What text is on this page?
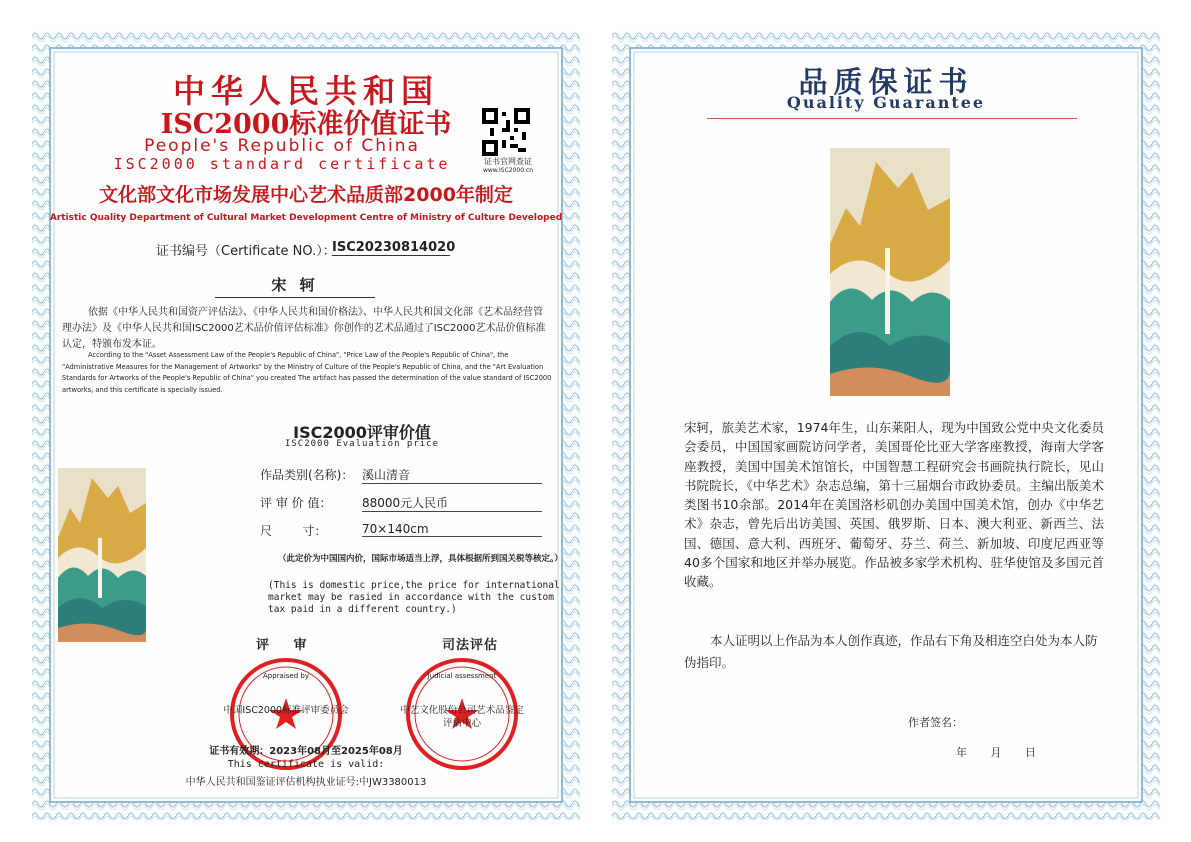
中华人民共和国
ISC2000标准价值证书
People's Republic of China
ISC2000 standard certificate	证书官网查证
www.ISC2000.cn
文化部文化市场发展中心艺术品质部2000年制定
Artistic Quality Department of Cultural Market Development Centre of Ministry of Culture Developed
证书编号（Certificate NO.）：
ISC20230814020
宋 轲
依据《中华人民共和国资产评估法》、《中华人民共和国价格法》、中华人民共和国文化部《艺术品经营管理办法》及《中华人民共和国ISC2000艺术品价值评估标准》你创作的艺术品通过了ISC2000艺术品价值标准认定，特颁布发本证。
According to the "Asset Assessment Law of the People's Republic of China", "Price Law of the People's Republic of China", the "Administrative Measures for the Management of Artworks" by the Ministry of Culture of the People's Republic of China, and the "Art Evaluation Standards for Artworks of the People's Republic of China" you created The artifact has passed the determination of the value standard of ISC2000 artworks, and this certificate is specially issued.
ISC2000评审价值
ISC2000 Evaluation price
作品类别(名称)： 溪山清音
评 审 价 值：	88000元人民币
尺        寸：	70×140cm
（此定价为中国国内价，国际市场适当上浮，具体根据所到国关税等核定。）
(This is domestic price,the price for international market may be rasied in accordance with the custom tax paid in a different country.)
评 审	司法评估
Appraised by
中国ISC2000标准评审委员会
Judicial assessment
中艺文化股份公司艺术品鉴定评估中心
证书有效期：2023年08月至2025年08月
This certificate is valid:
中华人民共和国鉴证评估机构执业证号:中JW3380013
品质保证书
Quality Guarantee
宋轲，旅美艺术家，1974年生，山东莱阳人，现为中国致公党中央文化委员会委员，中国国家画院访问学者，美国哥伦比亚大学客座教授，海南大学客座教授，美国中国美术馆馆长，中国智慧工程研究会书画院执行院长，见山书院院长，《中华艺术》杂志总编，第十三届烟台市政协委员。主编出版美术类图书10余部。2014年在美国洛杉矶创办美国中国美术馆，创办《中华艺术》杂志，曾先后出访美国、英国、俄罗斯、日本、澳大利亚、新西兰、法国、德国、意大利、西班牙、葡萄牙、芬兰、荷兰、新加坡、印度尼西亚等40多个国家和地区并举办展览。作品被多家学术机构、驻华使馆及多国元首收藏。
本人证明以上作品为本人创作真迹，作品右下角及相连空白处为本人防伪指印。
作者签名：
年 月 日
